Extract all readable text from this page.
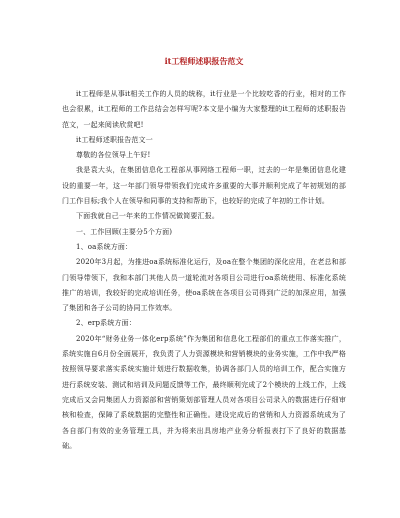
it工程师述职报告范文

it工程师是从事it相关工作的人员的统称，it行业是一个比较吃香的行业，相对的工作也会很累，it工程师的工作总结会怎样写呢?本文是小编为大家整理的it工程师的述职报告范文，一起来阅读欣赏吧!

it工程师述职报告范文一

尊敬的各位领导上午好!

我是袁大头，在集团信息化工程部从事网络工程师一职，过去的一年是集团信息化建设的重要一年，这一年部门领导带领我们完成许多重要的大事并顺利完成了年初规划的部门工作目标;我个人在领导和同事的支持和帮助下，也较好的完成了年初的工作计划。

下面我就自己一年来的工作情况做简要汇报。

一、工作回顾(主要分5个方面)

1、oa系统方面：

2020年3月起，为推进oa系统标准化运行，及oa在整个集团的深化应用，在老总和部门领导带领下，我和本部门其他人员一道轮流对各项目公司进行oa系统使用、标准化系统推广的培训，我较好的完成培训任务，使oa系统在各项目公司得到广泛的加深应用，加强了集团和各子公司的协同工作效率。

2、erp系统方面：

2020年“财务业务一体化erp系统”作为集团和信息化工程部们的重点工作落实推广，系统实施自6月份全面展开，我负责了人力资源模块和营销模块的业务实施，工作中我严格按照领导要求落实系统实施计划进行数据收集，协调各部门人员的培训工作，配合实施方进行系统安装、测试和培训及问题反馈等工作，最终顺利完成了2个模块的上线工作，上线完成后又会同集团人力资源部和营销策划部管理人员对各项目公司录入的数据进行仔细审核和检查，保障了系统数据的完整性和正确性。建设完成后的营销和人力资源系统成为了各自部门有效的业务管理工具，并为将来出具房地产业务分析报表打下了良好的数据基础。
